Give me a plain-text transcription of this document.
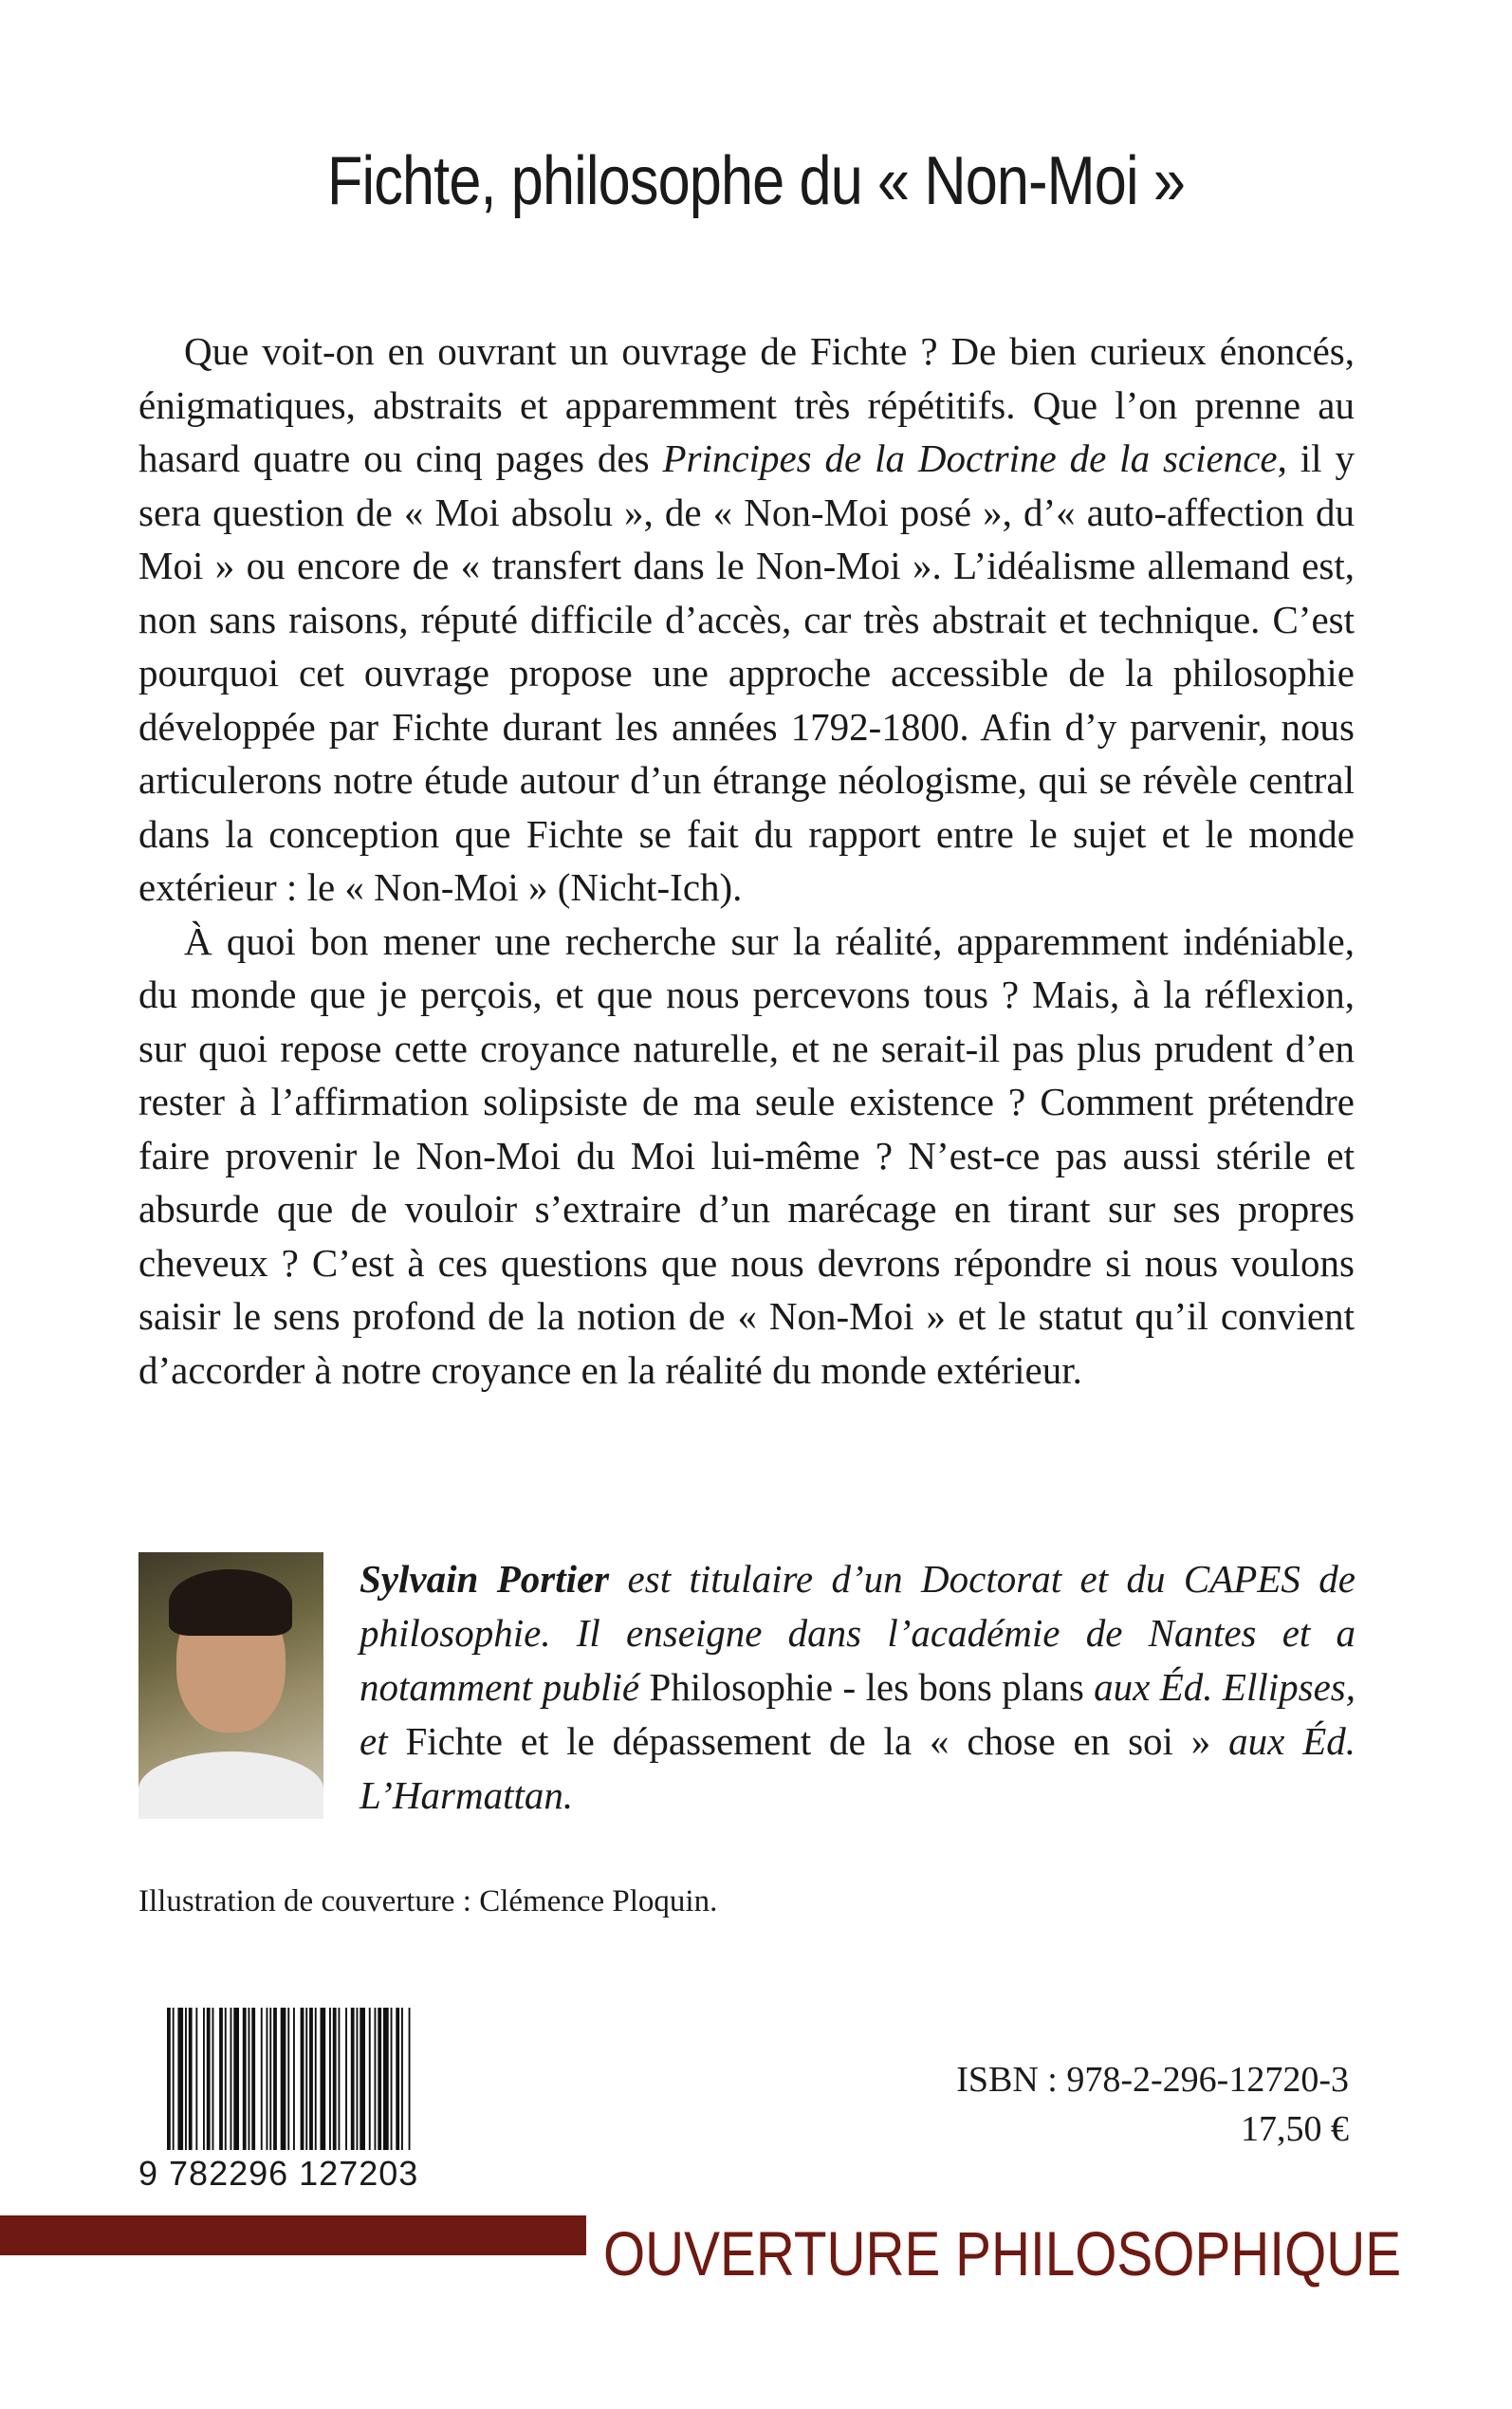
Fichte, philosophe du « Non-Moi »

Que voit-on en ouvrant un ouvrage de Fichte ? De bien curieux énoncés, énigmatiques, abstraits et apparemment très répétitifs. Que l’on prenne au hasard quatre ou cinq pages des Principes de la Doctrine de la science, il y sera question de « Moi absolu », de « Non-Moi posé », d’« auto-affection du Moi » ou encore de « transfert dans le Non-Moi ». L’idéalisme allemand est, non sans raisons, réputé difficile d’accès, car très abstrait et technique. C’est pourquoi cet ouvrage propose une approche accessible de la philosophie développée par Fichte durant les années 1792-1800. Afin d’y parvenir, nous articulerons notre étude autour d’un étrange néologisme, qui se révèle central dans la conception que Fichte se fait du rapport entre le sujet et le monde extérieur : le « Non-Moi » (Nicht-Ich).

À quoi bon mener une recherche sur la réalité, apparemment indéniable, du monde que je perçois, et que nous percevons tous ? Mais, à la réflexion, sur quoi repose cette croyance naturelle, et ne serait-il pas plus prudent d’en rester à l’affirmation solipsiste de ma seule existence ? Comment prétendre faire provenir le Non-Moi du Moi lui-même ? N’est-ce pas aussi stérile et absurde que de vouloir s’extraire d’un marécage en tirant sur ses propres cheveux ? C’est à ces questions que nous devrons répondre si nous voulons saisir le sens profond de la notion de « Non-Moi » et le statut qu’il convient d’accorder à notre croyance en la réalité du monde extérieur.

Sylvain Portier est titulaire d’un Doctorat et du CAPES de philosophie. Il enseigne dans l’académie de Nantes et a notamment publié Philosophie - les bons plans aux Éd. Ellipses, et Fichte et le dépassement de la « chose en soi » aux Éd. L’Harmattan.
Illustration de couverture : Clémence Ploquin.
9 782296 127203
ISBN : 978-2-296-12720-3
17,50 €
OUVERTURE PHILOSOPHIQUE
